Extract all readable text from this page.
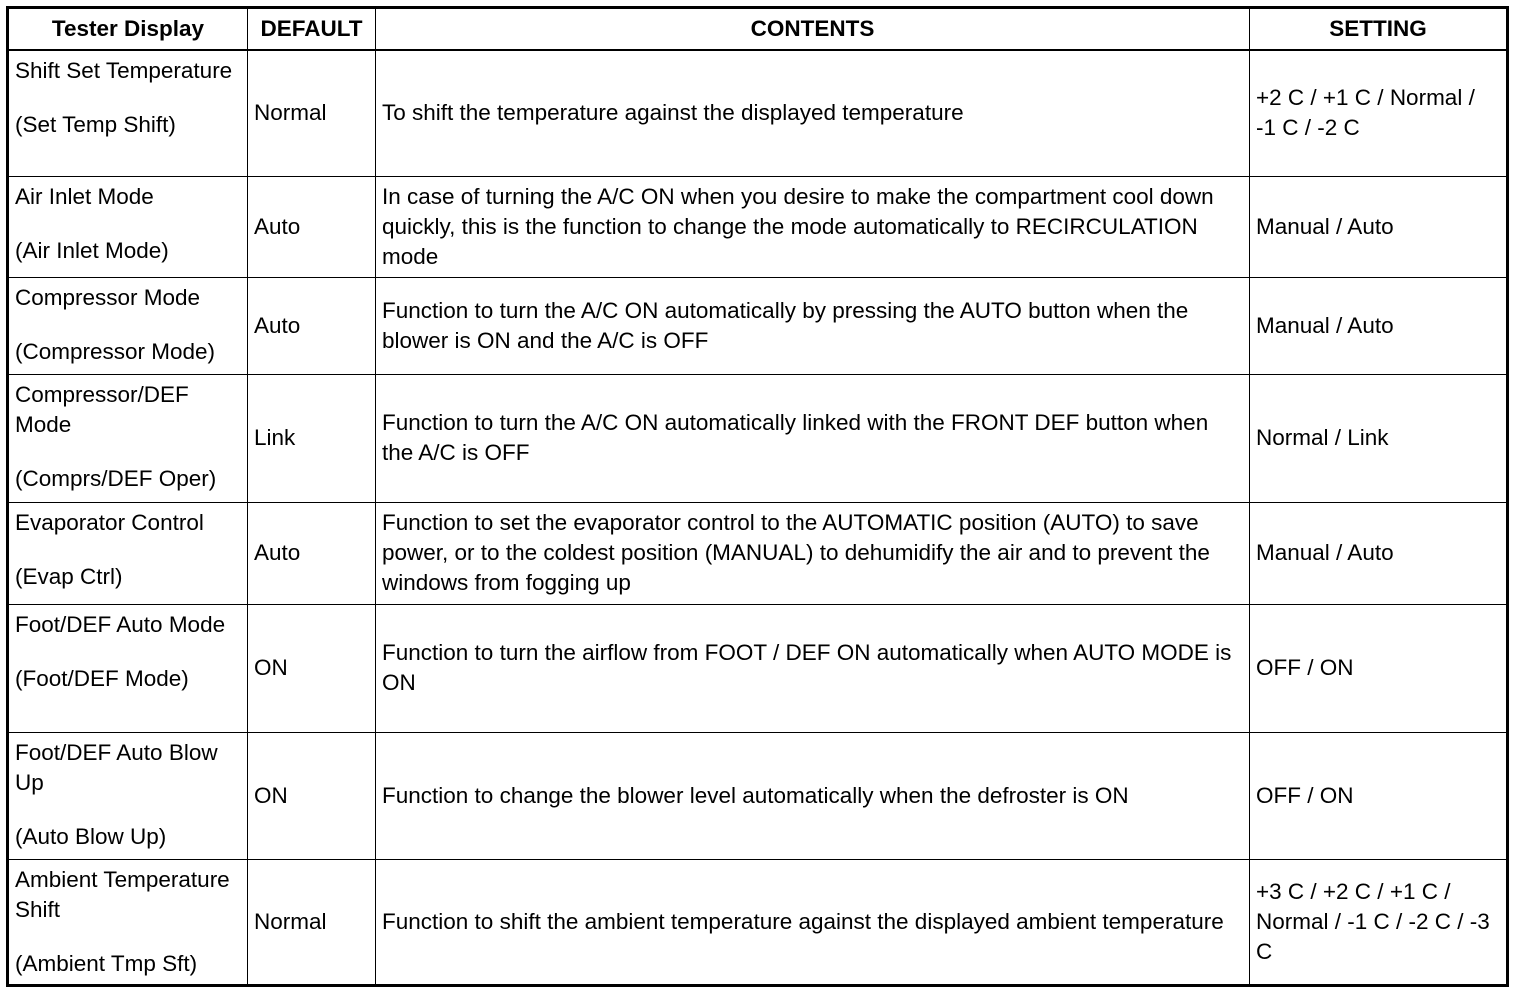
Tester Display	DEFAULT	CONTENTS	SETTING

Shift Set Temperature
(Set Temp Shift)	Normal	To shift the temperature against the displayed temperature	+2 C / +1 C / Normal / -1 C / -2 C

Air Inlet Mode
(Air Inlet Mode)	Auto	In case of turning the A/C ON when you desire to make the compartment cool down quickly, this is the function to change the mode automatically to RECIRCULATION mode	Manual / Auto

Compressor Mode
(Compressor Mode)	Auto	Function to turn the A/C ON automatically by pressing the AUTO button when the blower is ON and the A/C is OFF	Manual / Auto

Compressor/DEF Mode
(Comprs/DEF Oper)	Link	Function to turn the A/C ON automatically linked with the FRONT DEF button when the A/C is OFF	Normal / Link

Evaporator Control
(Evap Ctrl)	Auto	Function to set the evaporator control to the AUTOMATIC position (AUTO) to save power, or to the coldest position (MANUAL) to dehumidify the air and to prevent the windows from fogging up	Manual / Auto

Foot/DEF Auto Mode
(Foot/DEF Mode)	ON	Function to turn the airflow from FOOT / DEF ON automatically when AUTO MODE is ON	OFF / ON

Foot/DEF Auto Blow Up
(Auto Blow Up)	ON	Function to change the blower level automatically when the defroster is ON	OFF / ON

Ambient Temperature Shift
(Ambient Tmp Sft)	Normal	Function to shift the ambient temperature against the displayed ambient temperature	+3 C / +2 C / +1 C / Normal / -1 C / -2 C / -3 C
